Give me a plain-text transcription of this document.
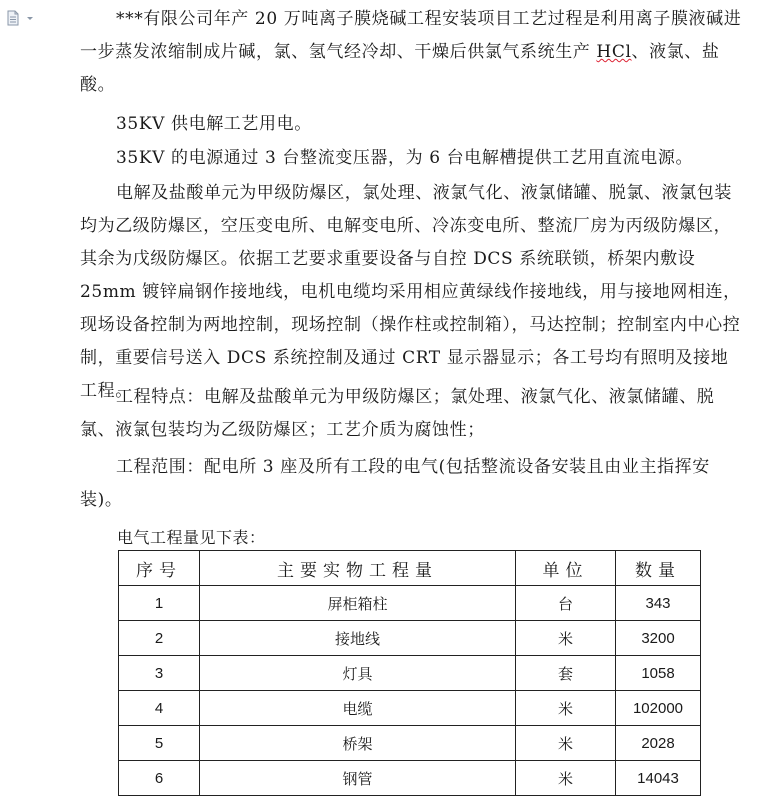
***有限公司年产 20 万吨离子膜烧碱工程安装项目工艺过程是利用离子膜液碱进一步蒸发浓缩制成片碱，氯、氢气经冷却、干燥后供氯气系统生产 HCl、液氯、盐酸。

35KV 供电解工艺用电。

35KV 的电源通过 3 台整流变压器，为 6 台电解槽提供工艺用直流电源。

电解及盐酸单元为甲级防爆区，氯处理、液氯气化、液氯储罐、脱氯、液氯包装均为乙级防爆区，空压变电所、电解变电所、冷冻变电所、整流厂房为丙级防爆区，其余为戊级防爆区。依据工艺要求重要设备与自控 DCS 系统联锁，桥架内敷设 25mm 镀锌扁钢作接地线，电机电缆均采用相应黄绿线作接地线，用与接地网相连，现场设备控制为两地控制，现场控制（操作柱或控制箱），马达控制；控制室内中心控制，重要信号送入 DCS 系统控制及通过 CRT 显示器显示；各工号均有照明及接地工程。

工程特点：电解及盐酸单元为甲级防爆区；氯处理、液氯气化、液氯储罐、脱氯、液氯包装均为乙级防爆区；工艺介质为腐蚀性；

工程范围：配电所 3 座及所有工段的电气(包括整流设备安装且由业主指挥安装)。

电气工程量见下表：
序号	主要实物工程量	单位	数量
1	屏柜箱柱	台	343
2	接地线	米	3200
3	灯具	套	1058
4	电缆	米	102000
5	桥架	米	2028
6	钢管	米	14043
